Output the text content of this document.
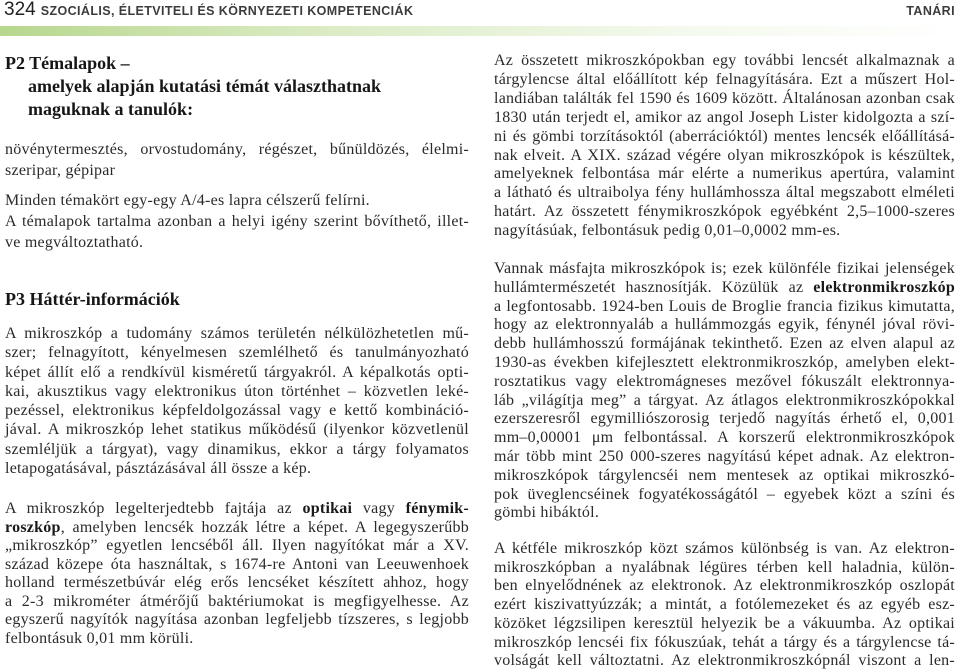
324 SZOCIÁLIS, ÉLETVITELI ÉS KÖRNYEZETI KOMPETENCIÁK	TANÁRI
P2 Témalapok –
amelyek alapján kutatási témát választhatnak
maguknak a tanulók:
növénytermesztés, orvostudomány, régészet, bűnüldözés, élelmi-
szeripar, gépipar
Minden témakört egy-egy A/4-es lapra célszerű felírni.
A témalapok tartalma azonban a helyi igény szerint bővíthető, illet-
ve megváltoztatható.
P3 Háttér-információk
A mikroszkóp a tudomány számos területén nélkülözhetetlen mű-
szer; felnagyított, kényelmesen szemlélhető és tanulmányozható
képet állít elő a rendkívül kisméretű tárgyakról. A képalkotás opti-
kai, akusztikus vagy elektronikus úton történhet – közvetlen leké-
pezéssel, elektronikus képfeldolgozással vagy e kettő kombináció-
jával. A mikroszkóp lehet statikus működésű (ilyenkor közvetlenül
szemléljük a tárgyat), vagy dinamikus, ekkor a tárgy folyamatos
letapogatásával, pásztázásával áll össze a kép.
A mikroszkóp legelterjedtebb fajtája az optikai vagy fénymik-
roszkóp, amelyben lencsék hozzák létre a képet. A legegyszerűbb
„mikroszkóp” egyetlen lencséből áll. Ilyen nagyítókat már a XV.
század közepe óta használtak, s 1674-re Antoni van Leeuwenhoek
holland természetbúvár elég erős lencséket készített ahhoz, hogy
a 2-3 mikrométer átmérőjű baktériumokat is megfigyelhesse. Az
egyszerű nagyítók nagyítása azonban legfeljebb tízszeres, s legjobb
felbontásuk 0,01 mm körüli.
Az összetett mikroszkópokban egy további lencsét alkalmaznak a
tárgylencse által előállított kép felnagyítására. Ezt a műszert Hol-
landiában találták fel 1590 és 1609 között. Általánosan azonban csak
1830 után terjedt el, amikor az angol Joseph Lister kidolgozta a szí-
ni és gömbi torzításoktól (aberrációktól) mentes lencsék előállításá-
nak elveit. A XIX. század végére olyan mikroszkópok is készültek,
amelyeknek felbontása már elérte a numerikus apertúra, valamint
a látható és ultraibolya fény hullámhossza által megszabott elméleti
határt. Az összetett fénymikroszkópok egyébként 2,5–1000-szeres
nagyításúak, felbontásuk pedig 0,01–0,0002 mm-es.
Vannak másfajta mikroszkópok is; ezek különféle fizikai jelenségek
hullámtermészetét hasznosítják. Közülük az elektronmikroszkóp
a legfontosabb. 1924-ben Louis de Broglie francia fizikus kimutatta,
hogy az elektronnyaláb a hullámmozgás egyik, fénynél jóval rövi-
debb hullámhosszú formájának tekinthető. Ezen az elven alapul az
1930-as években kifejlesztett elektronmikroszkóp, amelyben elekt-
rosztatikus vagy elektromágneses mezővel fókuszált elektronnya-
láb „világítja meg” a tárgyat. Az átlagos elektronmikroszkópokkal
ezerszeresről egymilliószorosig terjedő nagyítás érhető el, 0,001
mm–0,00001 μm felbontással. A korszerű elektronmikroszkópok
már több mint 250 000-szeres nagyítású képet adnak. Az elektron-
mikroszkópok tárgylencséi nem mentesek az optikai mikroszkó-
pok üveglencséinek fogyatékosságától – egyebek közt a színi és
gömbi hibáktól.
A kétféle mikroszkóp közt számos különbség is van. Az elektron-
mikroszkópban a nyalábnak légüres térben kell haladnia, külön-
ben elnyelődnének az elektronok. Az elektronmikroszkóp oszlopát
ezért kiszivattyúzzák; a mintát, a fotólemezeket és az egyéb esz-
közöket légzsilipen keresztül helyezik be a vákuumba. Az optikai
mikroszkóp lencséi fix fókuszúak, tehát a tárgy és a tárgylencse tá-
volságát kell változtatni. Az elektronmikroszkópnál viszont a len-
